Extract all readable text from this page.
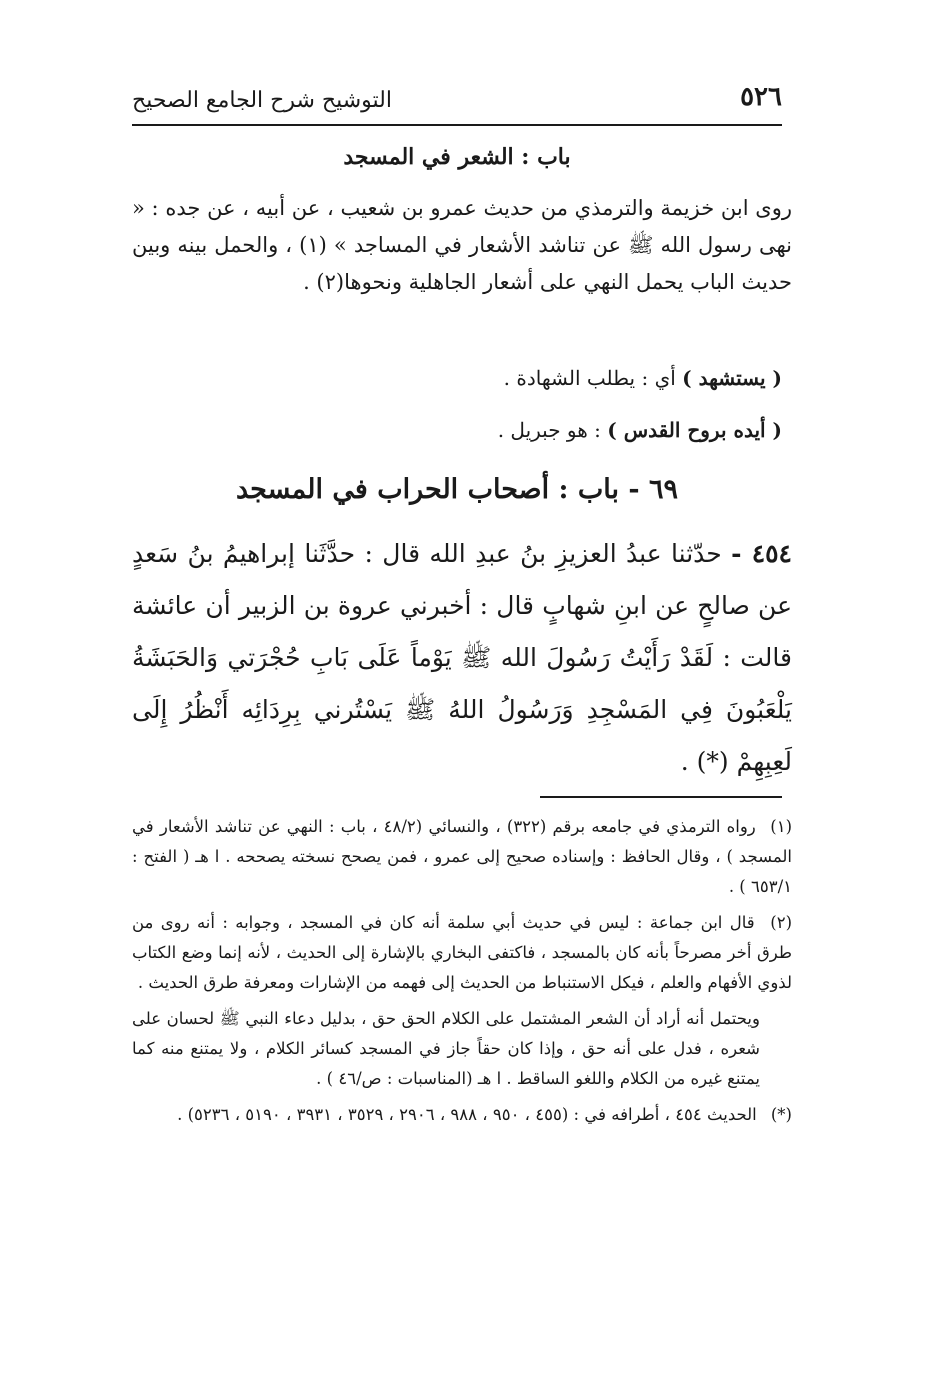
٥٢٦
التوشيح شرح الجامع الصحيح
باب : الشعر في المسجد
روى ابن خزيمة والترمذي من حديث عمرو بن شعيب ، عن أبيه ، عن جده : « نهى رسول الله ﷺ عن تناشد الأشعار في المساجد » (١) ، والحمل بينه وبين حديث الباب يحمل النهي على أشعار الجاهلية ونحوها(٢) .
( يستشهد ) أي : يطلب الشهادة .
( أيده بروح القدس ) : هو جبريل .
٦٩ - باب : أصحاب الحراب في المسجد
٤٥٤ - حدّثنا عبدُ العزيزِ بنُ عبدِ الله قال : حدَّثَنا إبراهيمُ بنُ سَعدٍ عن صالحٍ عن ابنِ شهابٍ قال : أخبرني عروة بن الزبير أن عائشة قالت : لَقَدْ رَأَيْتُ رَسُولَ الله ﷺ يَوْماً عَلَى بَابِ حُجْرَتي وَالحَبَشَةُ يَلْعَبُونَ فِي المَسْجِدِ وَرَسُولُ اللهُ ﷺ يَسْتُرني بِرِدَائِه أَنْظُرُ إِلَى لَعِبِهِمْ (*) .

(١) رواه الترمذي في جامعه برقم (٣٢٢) ، والنسائي (٤٨/٢ ، باب : النهي عن تناشد الأشعار في المسجد ) ، وقال الحافظ : وإسناده صحيح إلى عمرو ، فمن يصحح نسخته يصححه . ا هـ ( الفتح : ٦٥٣/١ ) .

(٢) قال ابن جماعة : ليس في حديث أبي سلمة أنه كان في المسجد ، وجوابه : أنه روى من طرق أخر مصرحاً بأنه كان بالمسجد ، فاكتفى البخاري بالإشارة إلى الحديث ، لأنه إنما وضع الكتاب لذوي الأفهام والعلم ، فيكل الاستنباط من الحديث إلى فهمه من الإشارات ومعرفة طرق الحديث .

ويحتمل أنه أراد أن الشعر المشتمل على الكلام الحق حق ، بدليل دعاء النبي ﷺ لحسان على شعره ، فدل على أنه حق ، وإذا كان حقاً جاز في المسجد كسائر الكلام ، ولا يمتنع منه كما يمتنع غيره من الكلام واللغو الساقط . ا هـ (المناسبات : ص/٤٦ ) .

(*) الحديث ٤٥٤ ، أطرافه في : (٤٥٥ ، ٩٥٠ ، ٩٨٨ ، ٢٩٠٦ ، ٣٥٢٩ ، ٣٩٣١ ، ٥١٩٠ ، ٥٢٣٦) .
